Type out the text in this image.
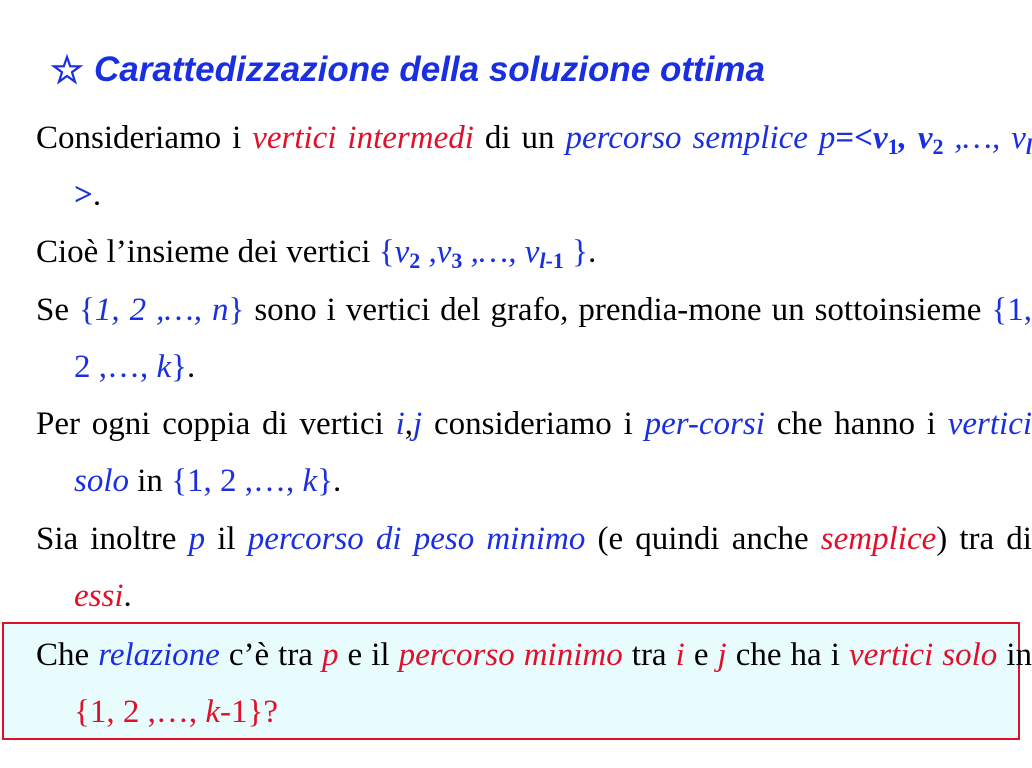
Carattedizzazione della soluzione ottima
Consideriamo i vertici intermedi di un percorso semplice $p=<v_1$, $v_2$ ,…, $v_l$ >.
Cioè l’insieme dei vertici {$v_2$ $,v_3$ ,…, $v_{l-1}$ }.
Se {1, 2 ,…, n} sono i vertici del grafo, prendia-mone un sottoinsieme {1, 2 ,…, k}.
Per ogni coppia di vertici i,j consideriamo i per-corsi che hanno i vertici solo in {1, 2 ,…, k}.
Sia inoltre p il percorso di peso minimo (e quindi anche semplice) tra di essi.
Che relazione c’è tra p e il percorso minimo tra i e j che ha i vertici solo in {1, 2 ,…, k-1}?
